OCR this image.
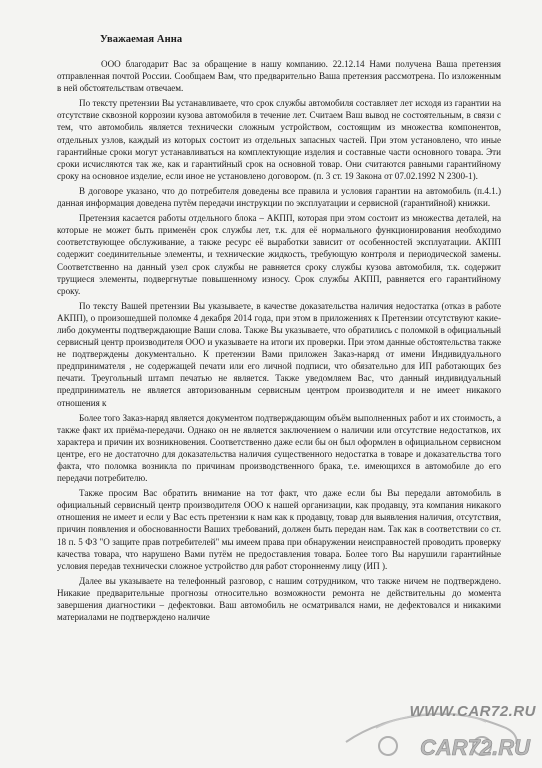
Уважаемая Анна

ООО благодарит Вас за обращение в нашу компанию. 22.12.14 Нами получена Ваша претензия отправленная почтой России. Сообщаем Вам, что предварительно Ваша претензия рассмотрена. По изложенным в ней обстоятельствам отвечаем.

По тексту претензии Вы устанавливаете, что срок службы автомобиля составляет лет исходя из гарантии на отсутствие сквозной коррозии кузова автомобиля в течение лет. Считаем Ваш вывод не состоятельным, в связи с тем, что автомобиль является технически сложным устройством, состоящим из множества компонентов, отдельных узлов, каждый из которых состоит из отдельных запасных частей. При этом установлено, что иные гарантийные сроки могут устанавливаться на комплектующие изделия и составные части основного товара. Эти сроки исчисляются так же, как и гарантийный срок на основной товар. Они считаются равными гарантийному сроку на основное изделие, если иное не установлено договором. (п. 3 ст. 19 Закона от 07.02.1992 N 2300-1).

В договоре указано, что до потребителя доведены все правила и условия гарантии на автомобиль (п.4.1.) данная информация доведена путём передачи инструкции по эксплуатации и сервисной (гарантийной) книжки.

Претензия касается работы отдельного блока – АКПП, которая при этом состоит из множества деталей, на которые не может быть применён срок службы лет, т.к. для её нормального функционирования необходимо соответствующее обслуживание, а также ресурс её выработки зависит от особенностей эксплуатации. АКПП содержит соединительные элементы, и технические жидкость, требующую контроля и периодической замены. Соответственно на данный узел срок службы не равняется сроку службы кузова автомобиля, т.к. содержит трущиеся элементы, подвергнутые повышенному износу. Срок службы АКПП, равняется его гарантийному сроку.

По тексту Вашей претензии Вы указываете, в качестве доказательства наличия недостатка (отказ в работе АКПП), о произошедшей поломке 4 декабря 2014 года, при этом в приложениях к Претензии отсутствуют какие-либо документы подтверждающие Ваши слова. Также Вы указываете, что обратились с поломкой в официальный сервисный центр производителя ООО и указываете на итоги их проверки. При этом данные обстоятельства также не подтверждены документально. К претензии Вами приложен Заказ-наряд от имени Индивидуального предпринимателя , не содержащей печати или его личной подписи, что обязательно для ИП работающих без печати. Треугольный штамп печатью не является. Также уведомляем Вас, что данный индивидуальный предприниматель не является авторизованным сервисным центром производителя и не имеет никакого отношения к

Более того Заказ-наряд является документом подтверждающим объём выполненных работ и их стоимость, а также факт их приёма-передачи. Однако он не является заключением о наличии или отсутствие недостатков, их характера и причин их возникновения. Соответственно даже если бы он был оформлен в официальном сервисном центре, его не достаточно для доказательства наличия существенного недостатка в товаре и доказательства того факта, что поломка возникла по причинам производственного брака, т.е. имеющихся в автомобиле до его передачи потребителю.

Также просим Вас обратить внимание на тот факт, что даже если бы Вы передали автомобиль в официальный сервисный центр производителя ООО к нашей организации, как продавцу, эта компания никакого отношения не имеет и если у Вас есть претензии к нам как к продавцу, товар для выявления наличия, отсутствия, причин появления и обоснованности Ваших требований, должен быть передан нам. Так как в соответствии со ст. 18 п. 5 ФЗ "О защите прав потребителей" мы имеем права при обнаружении неисправностей проводить проверку качества товара, что нарушено Вами путём не предоставления товара. Более того Вы нарушили гарантийные условия передав технически сложное устройство для работ сторонненму лицу (ИП ).

Далее вы указываете на телефонный разговор, с нашим сотрудником, что также ничем не подтверждено. Никакие предварительные прогнозы относительно возможности ремонта не действительны до момента завершения диагностики – дефектовки. Ваш автомобиль не осматривался нами, не дефектовался и никакими материалами не подтверждено наличие

WWW.CAR72.RU
CAR72.RU
